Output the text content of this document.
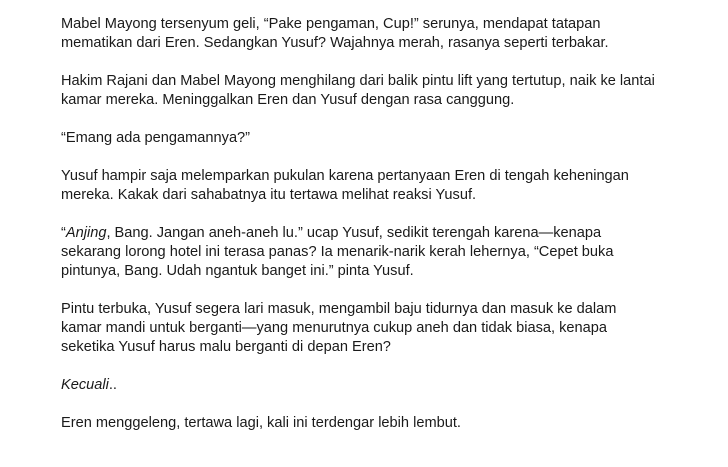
Mabel Mayong tersenyum geli, “Pake pengaman, Cup!” serunya, mendapat tatapan
mematikan dari Eren. Sedangkan Yusuf? Wajahnya merah, rasanya seperti terbakar.

Hakim Rajani dan Mabel Mayong menghilang dari balik pintu lift yang tertutup, naik ke lantai
kamar mereka. Meninggalkan Eren dan Yusuf dengan rasa canggung.

“Emang ada pengamannya?”

Yusuf hampir saja melemparkan pukulan karena pertanyaan Eren di tengah keheningan
mereka. Kakak dari sahabatnya itu tertawa melihat reaksi Yusuf.

“Anjing, Bang. Jangan aneh-aneh lu.” ucap Yusuf, sedikit terengah karena—kenapa
sekarang lorong hotel ini terasa panas? Ia menarik-narik kerah lehernya, “Cepet buka
pintunya, Bang. Udah ngantuk banget ini.” pinta Yusuf.

Pintu terbuka, Yusuf segera lari masuk, mengambil baju tidurnya dan masuk ke dalam
kamar mandi untuk berganti—yang menurutnya cukup aneh dan tidak biasa, kenapa
seketika Yusuf harus malu berganti di depan Eren?

Kecuali..

Eren menggeleng, tertawa lagi, kali ini terdengar lebih lembut.
